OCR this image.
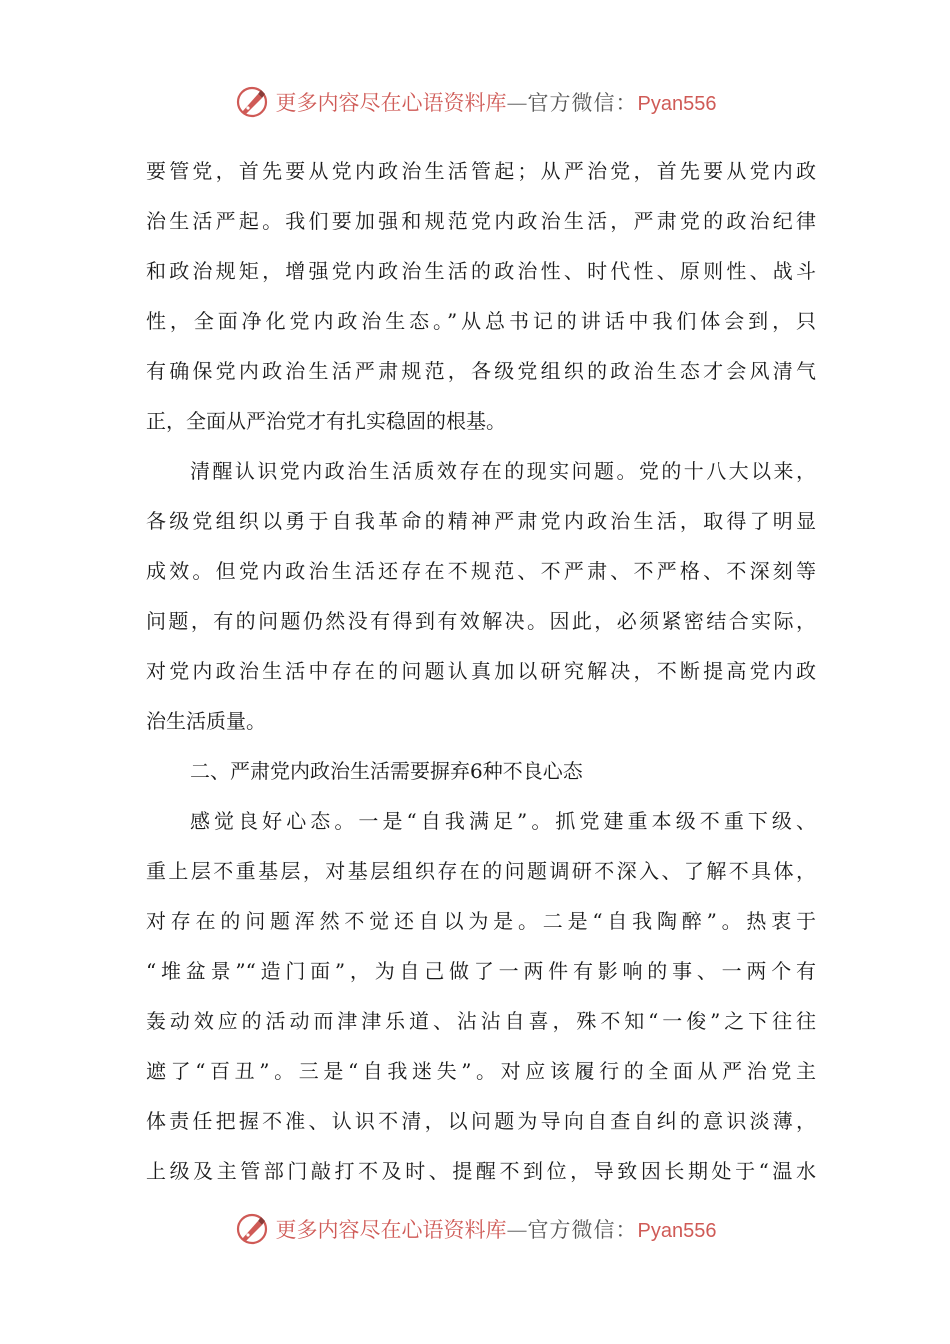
更多内容尽在心语资料库 — 官方微信： Pyan556
要管党，首先要从党内政治生活管起；从严治党，首先要从党内政
治生活严起。我们要加强和规范党内政治生活，严肃党的政治纪律
和政治规矩，增强党内政治生活的政治性、时代性、原则性、战斗
性，全面净化党内政治生态。”从总书记的讲话中我们体会到，只
有确保党内政治生活严肃规范，各级党组织的政治生态才会风清气
正，全面从严治党才有扎实稳固的根基。
清醒认识党内政治生活质效存在的现实问题。党的十八大以来，
各级党组织以勇于自我革命的精神严肃党内政治生活，取得了明显
成效。但党内政治生活还存在不规范、不严肃、不严格、不深刻等
问题，有的问题仍然没有得到有效解决。因此，必须紧密结合实际，
对党内政治生活中存在的问题认真加以研究解决，不断提高党内政
治生活质量。
二、严肃党内政治生活需要摒弃6种不良心态
感觉良好心态。一是“自我满足”。抓党建重本级不重下级、
重上层不重基层，对基层组织存在的问题调研不深入、了解不具体，
对存在的问题浑然不觉还自以为是。二是“自我陶醉”。热衷于
“堆盆景”“造门面”，为自己做了一两件有影响的事、一两个有
轰动效应的活动而津津乐道、沾沾自喜，殊不知“一俊”之下往往
遮了“百丑”。三是“自我迷失”。对应该履行的全面从严治党主
体责任把握不准、认识不清，以问题为导向自查自纠的意识淡薄，
上级及主管部门敲打不及时、提醒不到位，导致因长期处于“温水
更多内容尽在心语资料库 — 官方微信： Pyan556
